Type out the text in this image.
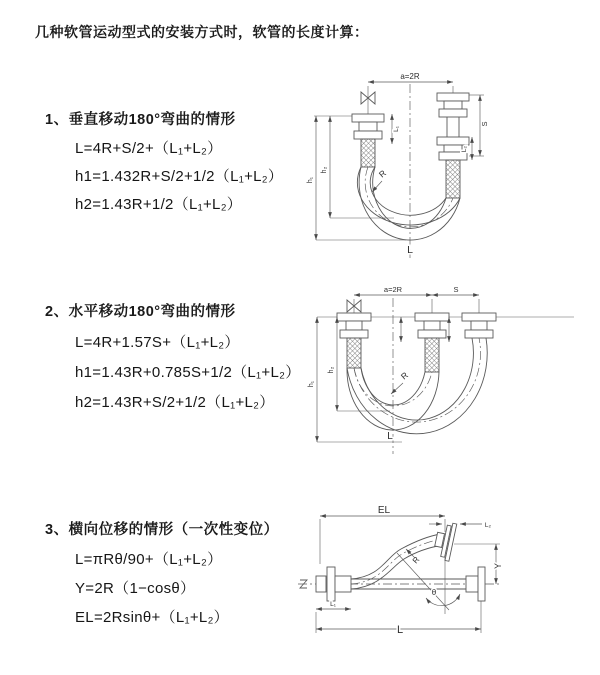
几种软管运动型式的安装方式时，软管的长度计算：
1、垂直移动180°弯曲的情形
L=4R+S/2+（L₁+L₂）
h1=1.432R+S/2+1/2（L₁+L₂）
h2=1.43R+1/2（L₁+L₂）
2、水平移动180°弯曲的情形
L=4R+1.57S+（L₁+L₂）
h1=1.43R+0.785S+1/2（L₁+L₂）
h2=1.43R+S/2+1/2（L₁+L₂）
3、横向位移的情形（一次性变位）
L=πRθ/90+（L₁+L₂）
Y=2R（1−cosθ）
EL=2Rsinθ+（L₁+L₂）
a=2R
h₁
h₂
L₁
S
L₂
R
L
a=2R	S
h₁
h₂	R
L
EL
L₂
Y
θ
R
L₁
L
